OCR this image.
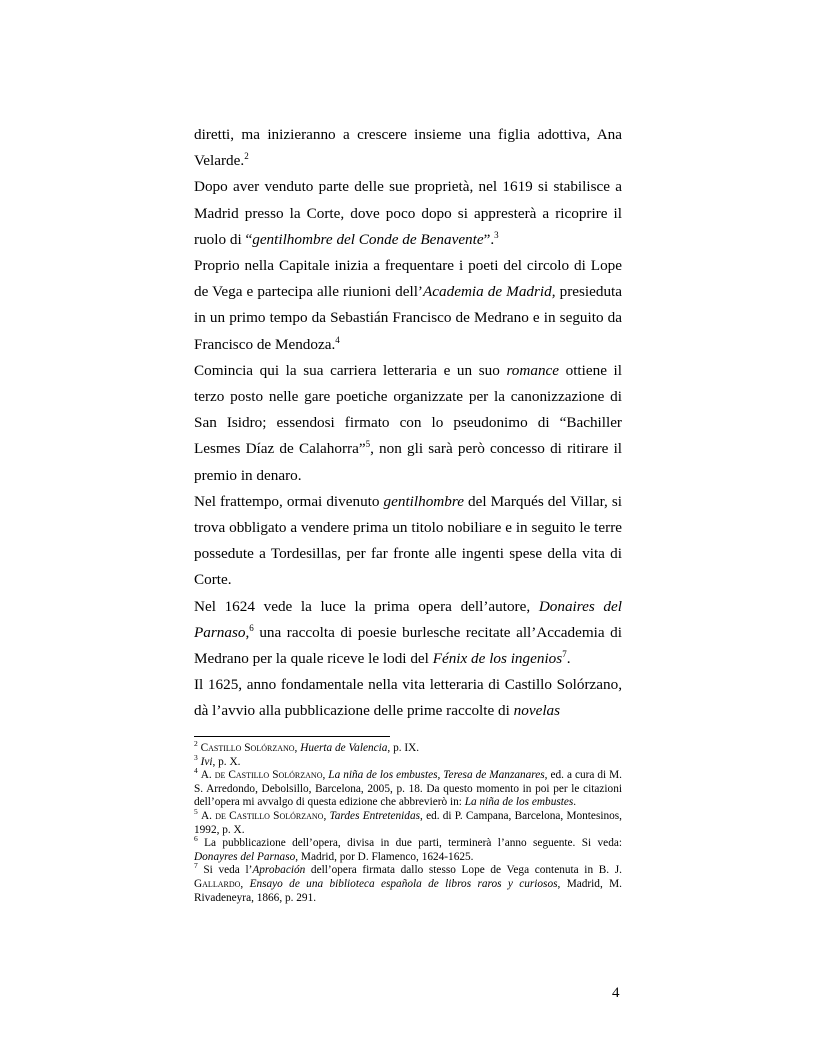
diretti, ma inizieranno a crescere insieme una figlia adottiva, Ana Velarde.$^2$

Dopo aver venduto parte delle sue proprietà, nel 1619 si stabilisce a Madrid presso la Corte, dove poco dopo si appresterà a ricoprire il ruolo di “gentilhombre del Conde de Benavente”.$^3$

Proprio nella Capitale inizia a frequentare i poeti del circolo di Lope de Vega e partecipa alle riunioni dell’Academia de Madrid, presieduta in un primo tempo da Sebastián Francisco de Medrano e in seguito da Francisco de Mendoza.$^4$

Comincia qui la sua carriera letteraria e un suo romance ottiene il terzo posto nelle gare poetiche organizzate per la canonizzazione di San Isidro; essendosi firmato con lo pseudonimo di “Bachiller Lesmes Díaz de Calahorra”$^5$, non gli sarà però concesso di ritirare il premio in denaro.

Nel frattempo, ormai divenuto gentilhombre del Marqués del Villar, si trova obbligato a vendere prima un titolo nobiliare e in seguito le terre possedute a Tordesillas, per far fronte alle ingenti spese della vita di Corte.

Nel 1624 vede la luce la prima opera dell’autore, Donaires del Parnaso,$^6$ una raccolta di poesie burlesche recitate all’Accademia di Medrano per la quale riceve le lodi del Fénix de los ingenios$^7$.

Il 1625, anno fondamentale nella vita letteraria di Castillo Solórzano, dà l’avvio alla pubblicazione delle prime raccolte di novelas

$^2$ Castillo Solórzano, Huerta de Valencia, p. IX.

$^3$ Ivi, p. X.

$^4$ A. de Castillo Solórzano, La niña de los embustes, Teresa de Manzanares, ed. a cura di M. S. Arredondo, Debolsillo, Barcelona, 2005, p. 18. Da questo momento in poi per le citazioni dell’opera mi avvalgo di questa edizione che abbrevierò in: La niña de los embustes.

$^5$ A. de Castillo Solórzano, Tardes Entretenidas, ed. di P. Campana, Barcelona, Montesinos, 1992, p. X.

$^6$ La pubblicazione dell’opera, divisa in due parti, terminerà l’anno seguente. Si veda: Donayres del Parnaso, Madrid, por D. Flamenco, 1624-1625.

$^7$ Si veda l’Aprobación dell’opera firmata dallo stesso Lope de Vega contenuta in B. J. Gallardo, Ensayo de una biblioteca española de libros raros y curiosos, Madrid, M. Rivadeneyra, 1866, p. 291.

4
